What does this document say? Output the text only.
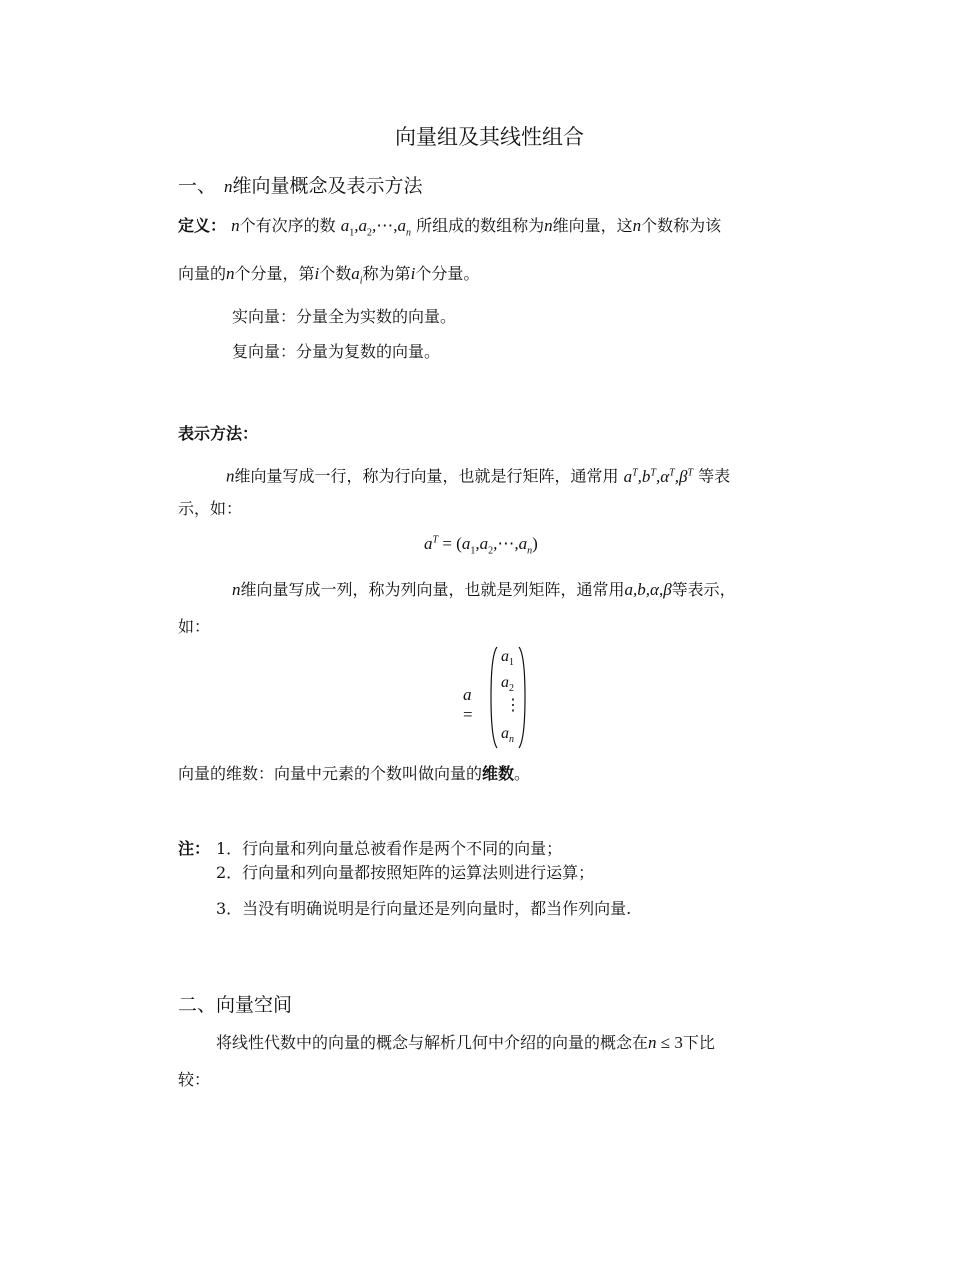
向量组及其线性组合
一、 n维向量概念及表示方法
定义： n个有次序的数 $a_1,a_2,\cdots,a_n$ 所组成的数组称为n维向量，这n个数称为该
向量的n个分量，第i个数$a_i$称为第i个分量。
实向量：分量全为实数的向量。
复向量：分量为复数的向量。
表示方法：
n维向量写成一行，称为行向量，也就是行矩阵，通常用 $a^T,b^T,\alpha^T,\beta^T$ 等表
示，如：
$a^T$ = $(a_1,a_2,\cdots,a_n)$
n维向量写成一列，称为列向量，也就是列矩阵，通常用a,b,α,β等表示，
如：
a =
$a_1$
$a_2$
⋮
$a_n$
向量的维数：向量中元素的个数叫做向量的维数。
注： 1．行向量和列向量总被看作是两个不同的向量；
2．行向量和列向量都按照矩阵的运算法则进行运算；
3．当没有明确说明是行向量还是列向量时，都当作列向量.
二、向量空间
将线性代数中的向量的概念与解析几何中介绍的向量的概念在n ≤ 3下比
较：
